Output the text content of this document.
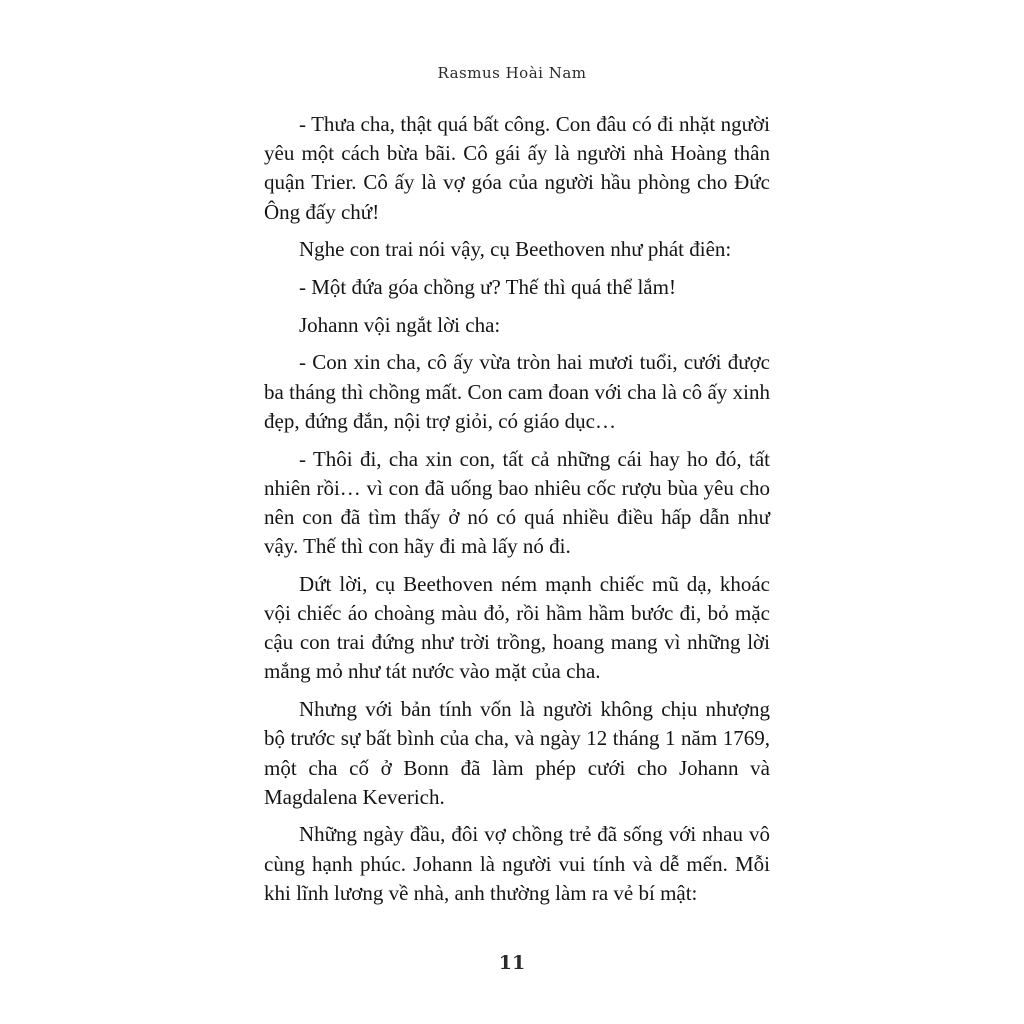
Rasmus Hoài Nam

- Thưa cha, thật quá bất công. Con đâu có đi nhặt người yêu một cách bừa bãi. Cô gái ấy là người nhà Hoàng thân quận Trier. Cô ấy là vợ góa của người hầu phòng cho Đức Ông đấy chứ!

Nghe con trai nói vậy, cụ Beethoven như phát điên:

- Một đứa góa chồng ư? Thế thì quá thể lắm!

Johann vội ngắt lời cha:

- Con xin cha, cô ấy vừa tròn hai mươi tuổi, cưới được ba tháng thì chồng mất. Con cam đoan với cha là cô ấy xinh đẹp, đứng đắn, nội trợ giỏi, có giáo dục…

- Thôi đi, cha xin con, tất cả những cái hay ho đó, tất nhiên rồi… vì con đã uống bao nhiêu cốc rượu bùa yêu cho nên con đã tìm thấy ở nó có quá nhiều điều hấp dẫn như vậy. Thế thì con hãy đi mà lấy nó đi.

Dứt lời, cụ Beethoven ném mạnh chiếc mũ dạ, khoác vội chiếc áo choàng màu đỏ, rồi hầm hầm bước đi, bỏ mặc cậu con trai đứng như trời trồng, hoang mang vì những lời mắng mỏ như tát nước vào mặt của cha.

Nhưng với bản tính vốn là người không chịu nhượng bộ trước sự bất bình của cha, và ngày 12 tháng 1 năm 1769, một cha cố ở Bonn đã làm phép cưới cho Johann và Magdalena Keverich.

Những ngày đầu, đôi vợ chồng trẻ đã sống với nhau vô cùng hạnh phúc. Johann là người vui tính và dễ mến. Mỗi khi lĩnh lương về nhà, anh thường làm ra vẻ bí mật:

11
